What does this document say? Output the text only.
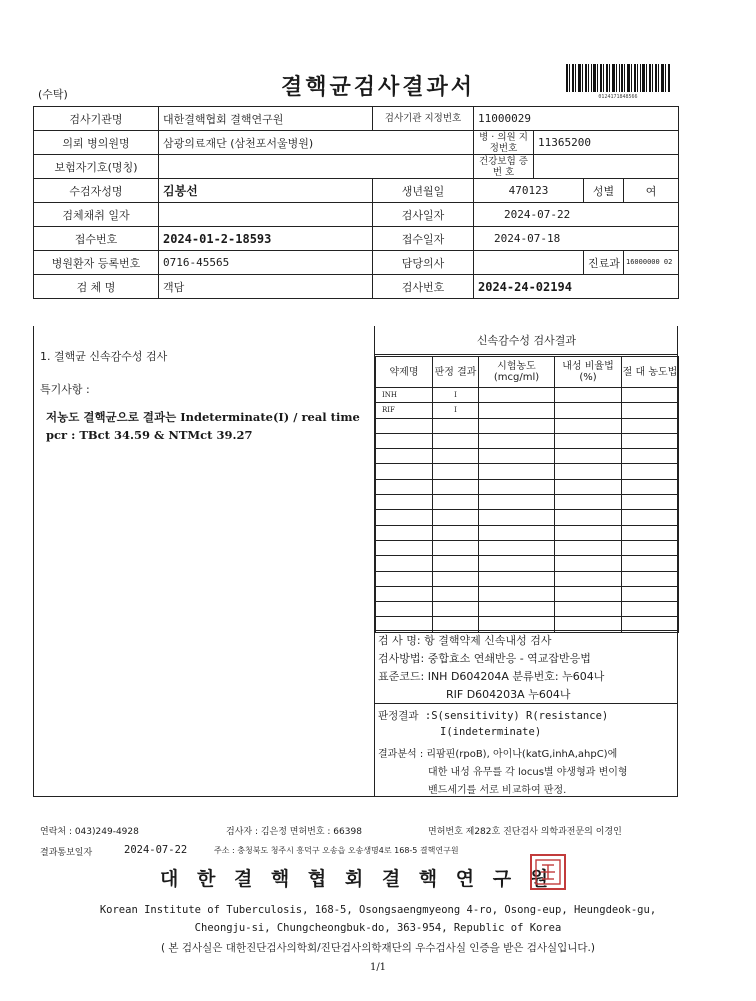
(수탁)	결핵균검사결과서	0124171848566
검사기관명	대한결핵협회 결핵연구원	검사기관 지정번호	11000029			
의뢰 병의원명	삼광의료재단 (삼천포서울병원)		병 · 의원 지정번호	11365200		
보험자기호(명칭)			건강보험 증 번 호			
수검자성명	김봉선	생년월일	470123		성별	여
검체채취 일자		검사일자	2024-07-22			
접수번호	2024-01-2-18593	접수일자	2024-07-18			
병원환자 등록번호	0716-45565	담당의사			진료과	16000000 02
검 체 명	객담	검사번호	2024-24-02194			
1. 결핵균 신속감수성 검사
특기사항 :
저농도 결핵균으로 결과는 Indeterminate(I) / real time pcr : TBct 34.59 & NTMct 39.27
신속감수성 검사결과
약제명	판정 결과	시험농도 (mcg/ml)	내성 비율법(%)	절 대 농도법
INH	I			
RIF	I			

검 사 명: 항 결핵약제 신속내성 검사
검사방법: 중합효소 연쇄반응 - 역교잡반응법
표준코드: INH D604204A 분류번호: 누604나
RIF D604203A 누604나
판정결과 :S(sensitivity) R(resistance)
I(indeterminate)
결과분석 : 리팜핀(rpoB), 아이나(katG,inhA,ahpC)에
대한 내성 유무를 각 locus별 야생형과 변이형
밴드세기를 서로 비교하여 판정.
연락처 : 043)249-4928	검사자 : 김은정 면허번호 : 66398	면허번호 제282호 진단검사 의학과전문의 이경인
결과통보일자	2024-07-22	주소 : 충청북도 청주시 흥덕구 오송읍 오송생명4로 168-5 결핵연구원
대 한 결 핵 협 회 결 핵 연 구 원
Korean Institute of Tuberculosis, 168-5, Osongsaengmyeong 4-ro, Osong-eup, Heungdeok-gu,
Cheongju-si, Chungcheongbuk-do, 363-954, Republic of Korea
( 본 검사실은 대한진단검사의학회/진단검사의학재단의 우수검사실 인증을 받은 검사실입니다.)
1/1
